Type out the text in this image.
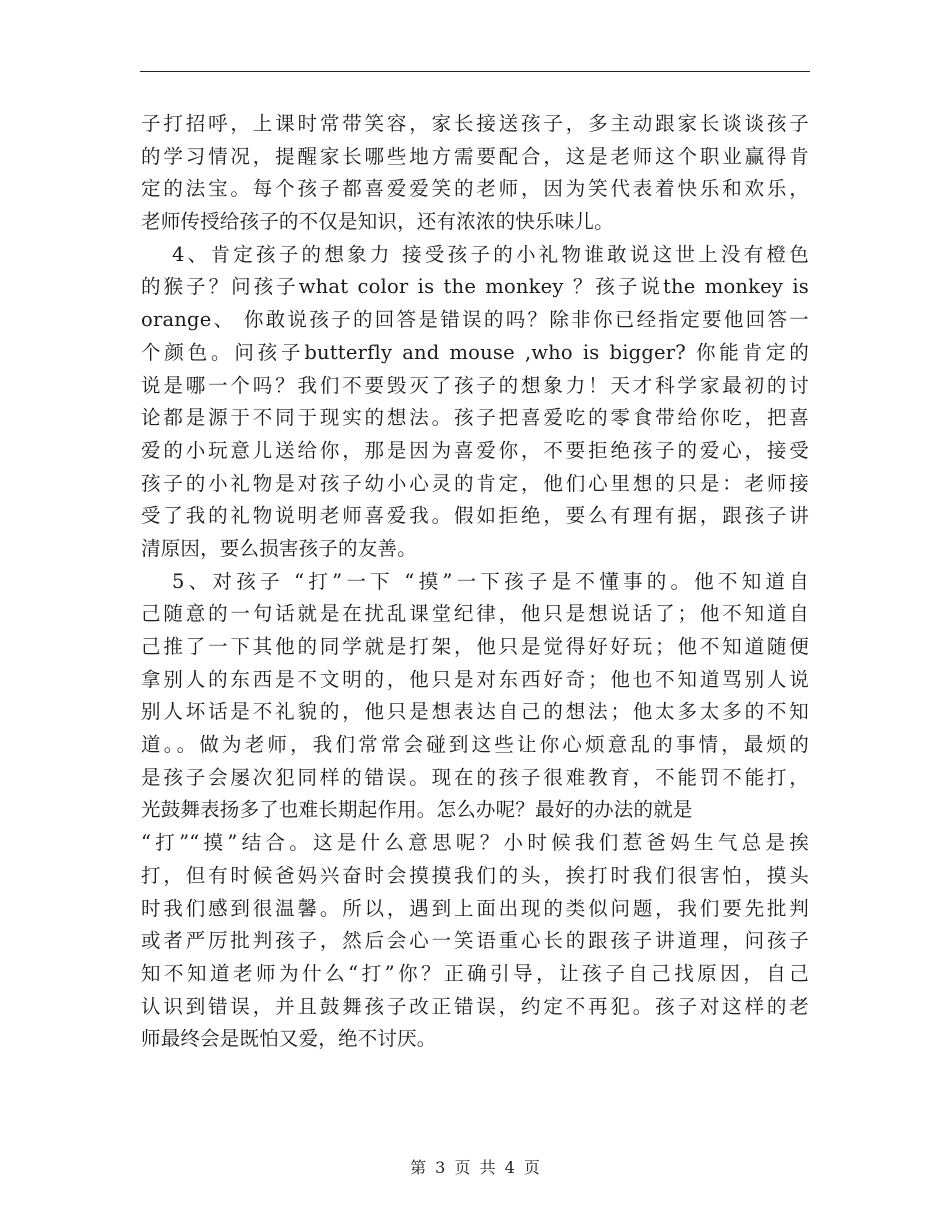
子打招呼，上课时常带笑容，家长接送孩子，多主动跟家长谈谈孩子
的学习情况，提醒家长哪些地方需要配合，这是老师这个职业赢得肯
定的法宝。每个孩子都喜爱爱笑的老师，因为笑代表着快乐和欢乐，
老师传授给孩子的不仅是知识，还有浓浓的快乐味儿。
4、肯定孩子的想象力 接受孩子的小礼物谁敢说这世上没有橙色
的猴子？问孩子what color is the monkey ？孩子说the monkey is
orange、 你敢说孩子的回答是错误的吗？除非你已经指定要他回答一
个颜色。问孩子butterfly and mouse ,who is bigger? 你能肯定的
说是哪一个吗？我们不要毁灭了孩子的想象力！天才科学家最初的讨
论都是源于不同于现实的想法。孩子把喜爱吃的零食带给你吃，把喜
爱的小玩意儿送给你，那是因为喜爱你，不要拒绝孩子的爱心，接受
孩子的小礼物是对孩子幼小心灵的肯定，他们心里想的只是：老师接
受了我的礼物说明老师喜爱我。假如拒绝，要么有理有据，跟孩子讲
清原因，要么损害孩子的友善。
5、对孩子 “打”一下 “摸”一下孩子是不懂事的。他不知道自
己随意的一句话就是在扰乱课堂纪律，他只是想说话了；他不知道自
己推了一下其他的同学就是打架，他只是觉得好好玩；他不知道随便
拿别人的东西是不文明的，他只是对东西好奇；他也不知道骂别人说
别人坏话是不礼貌的，他只是想表达自己的想法；他太多太多的不知
道。。做为老师，我们常常会碰到这些让你心烦意乱的事情，最烦的
是孩子会屡次犯同样的错误。现在的孩子很难教育，不能罚不能打，
光鼓舞表扬多了也难长期起作用。怎么办呢？最好的办法的就是
“打”“摸”结合。这是什么意思呢？小时候我们惹爸妈生气总是挨
打，但有时候爸妈兴奋时会摸摸我们的头，挨打时我们很害怕，摸头
时我们感到很温馨。所以，遇到上面出现的类似问题，我们要先批判
或者严厉批判孩子，然后会心一笑语重心长的跟孩子讲道理，问孩子
知不知道老师为什么“打”你？正确引导，让孩子自己找原因，自己
认识到错误，并且鼓舞孩子改正错误，约定不再犯。孩子对这样的老
师最终会是既怕又爱，绝不讨厌。
第 3 页 共 4 页
